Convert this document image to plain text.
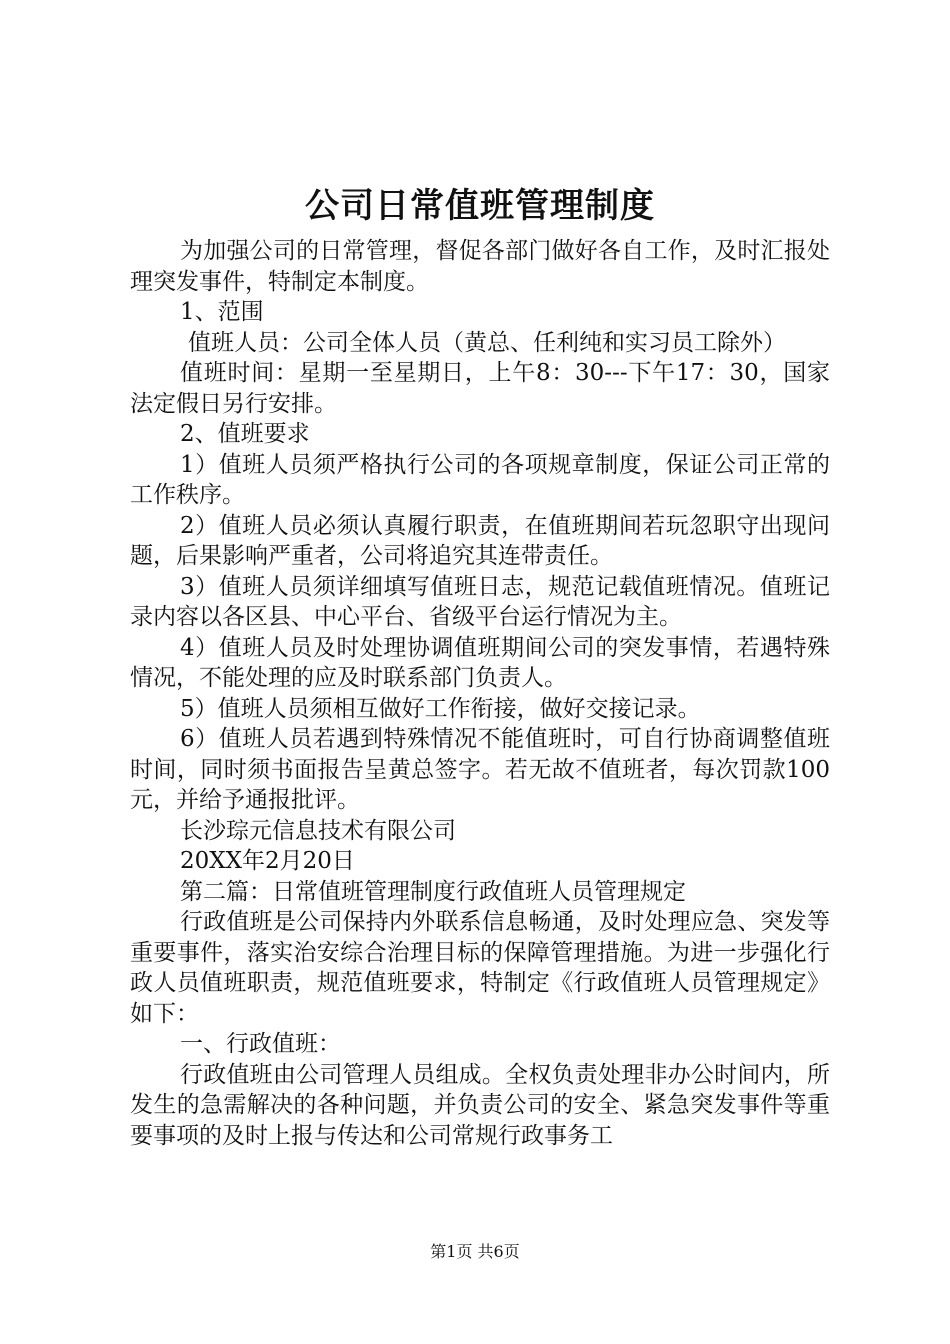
公司日常值班管理制度

为加强公司的日常管理，督促各部门做好各自工作，及时汇报处理突发事件，特制定本制度。

1、范围

值班人员：公司全体人员（黄总、任利纯和实习员工除外）

值班时间：星期一至星期日，上午8：30---下午17：30，国家法定假日另行安排。

2、值班要求

1）值班人员须严格执行公司的各项规章制度，保证公司正常的工作秩序。

2）值班人员必须认真履行职责，在值班期间若玩忽职守出现问题，后果影响严重者，公司将追究其连带责任。

3）值班人员须详细填写值班日志，规范记载值班情况。值班记录内容以各区县、中心平台、省级平台运行情况为主。

4）值班人员及时处理协调值班期间公司的突发事情，若遇特殊情况，不能处理的应及时联系部门负责人。

5）值班人员须相互做好工作衔接，做好交接记录。

6）值班人员若遇到特殊情况不能值班时，可自行协商调整值班时间，同时须书面报告呈黄总签字。若无故不值班者，每次罚款100元，并给予通报批评。

长沙琮元信息技术有限公司

20XX年2月20日

第二篇：日常值班管理制度行政值班人员管理规定

行政值班是公司保持内外联系信息畅通，及时处理应急、突发等重要事件，落实治安综合治理目标的保障管理措施。为进一步强化行政人员值班职责，规范值班要求，特制定《行政值班人员管理规定》如下：

一、行政值班：

行政值班由公司管理人员组成。全权负责处理非办公时间内，所发生的急需解决的各种问题，并负责公司的安全、紧急突发事件等重要事项的及时上报与传达和公司常规行政事务工

第1页 共6页
